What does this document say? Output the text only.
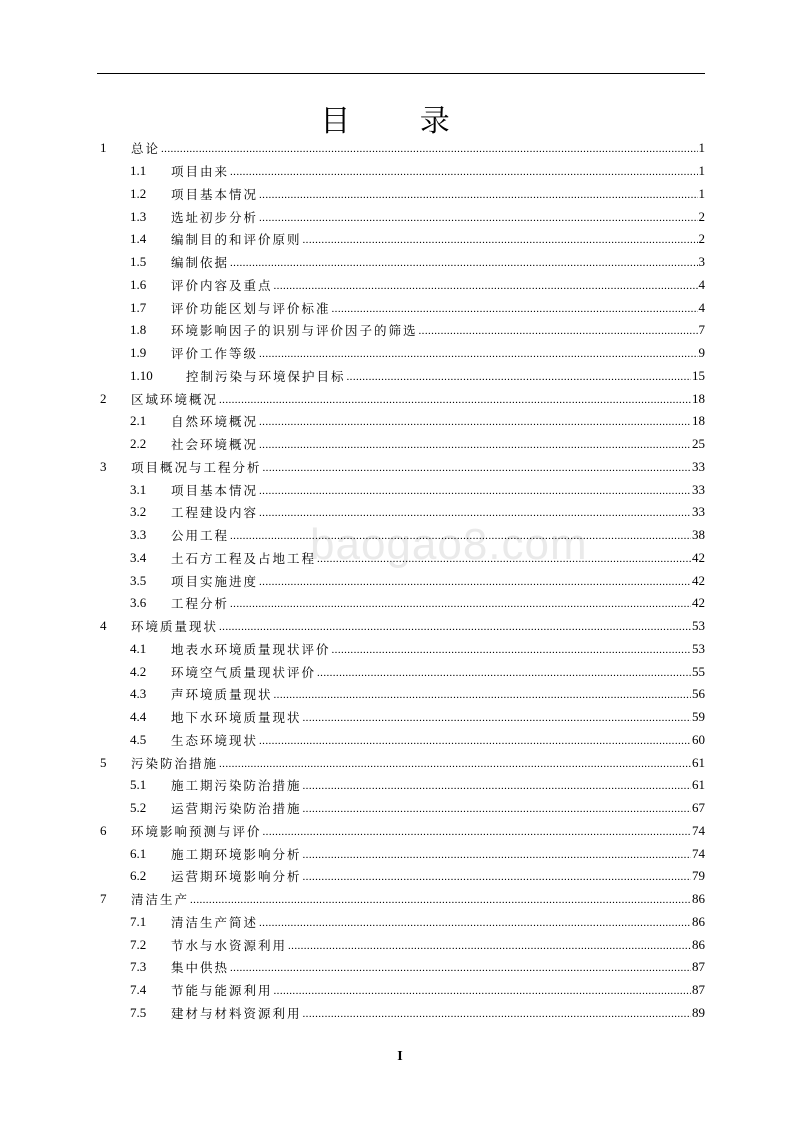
目 录
baogao8.com
1	总论 .....	1
1.1	项目由来 .....	1
1.2	项目基本情况 .....	1
1.3	选址初步分析 .....	2
1.4	编制目的和评价原则 .....	2
1.5	编制依据 .....	3
1.6	评价内容及重点 .....	4
1.7	评价功能区划与评价标准 .....	4
1.8	环境影响因子的识别与评价因子的筛选 .....	7
1.9	评价工作等级 .....	9
1.10	控制污染与环境保护目标 .....	15
2	区域环境概况 .....	18
2.1	自然环境概况 .....	18
2.2	社会环境概况 .....	25
3	项目概况与工程分析 .....	33
3.1	项目基本情况 .....	33
3.2	工程建设内容 .....	33
3.3	公用工程 .....	38
3.4	土石方工程及占地工程 .....	42
3.5	项目实施进度 .....	42
3.6	工程分析 .....	42
4	环境质量现状 .....	53
4.1	地表水环境质量现状评价 .....	53
4.2	环境空气质量现状评价 .....	55
4.3	声环境质量现状 .....	56
4.4	地下水环境质量现状 .....	59
4.5	生态环境现状 .....	60
5	污染防治措施 .....	61
5.1	施工期污染防治措施 .....	61
5.2	运营期污染防治措施 .....	67
6	环境影响预测与评价 .....	74
6.1	施工期环境影响分析 .....	74
6.2	运营期环境影响分析 .....	79
7	清洁生产 .....	86
7.1	清洁生产简述 .....	86
7.2	节水与水资源利用 .....	86
7.3	集中供热 .....	87
7.4	节能与能源利用 .....	87
7.5	建材与材料资源利用 .....	89
I
